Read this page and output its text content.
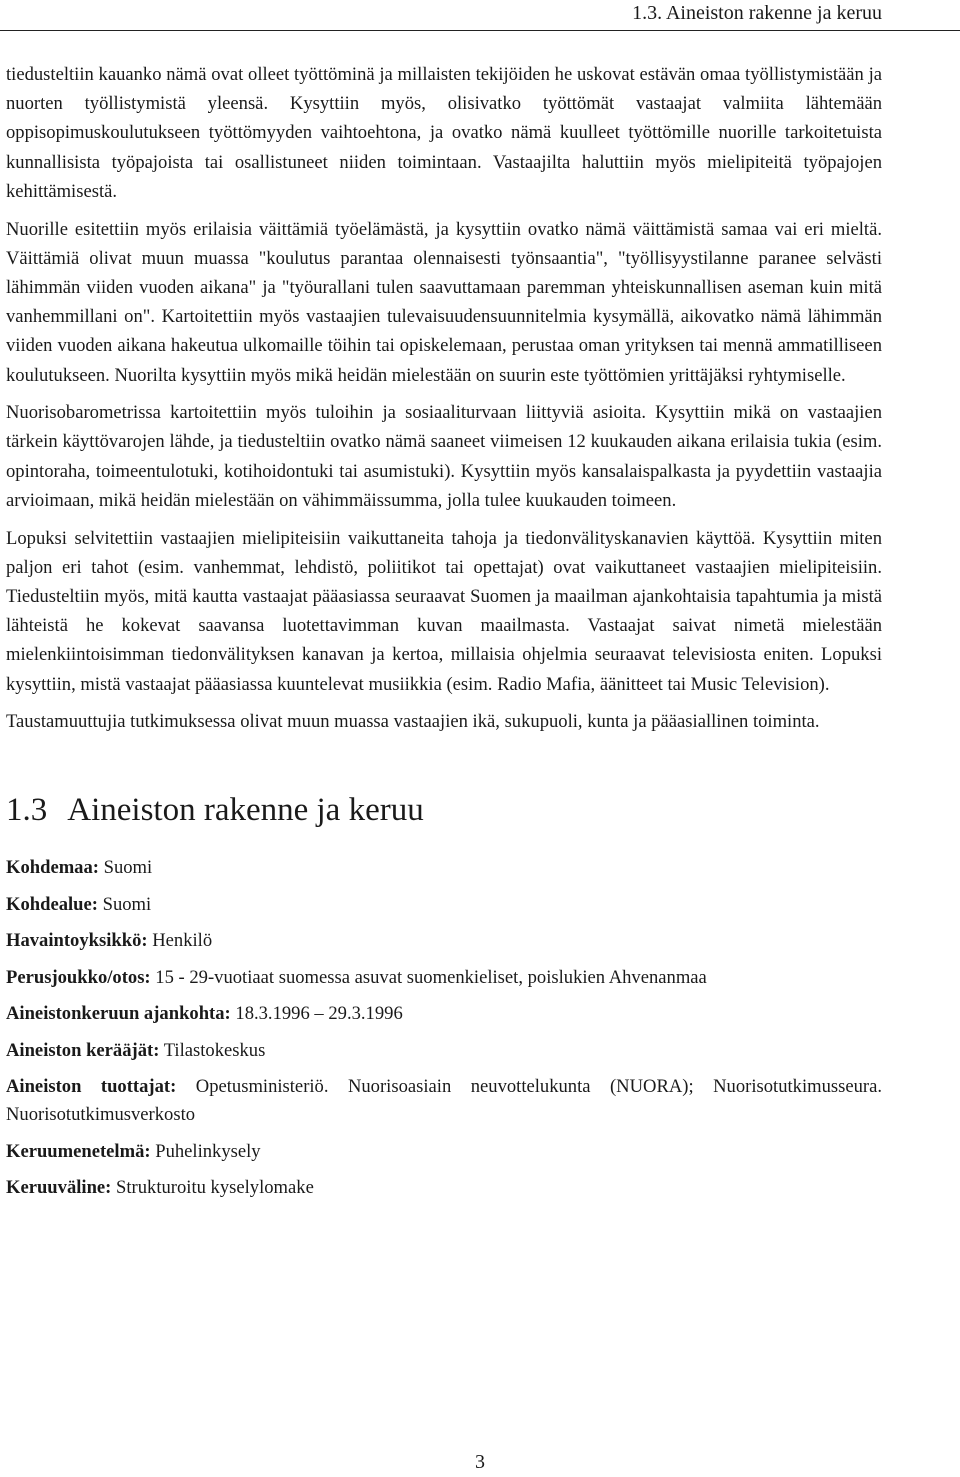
1.3. Aineiston rakenne ja keruu

tiedusteltiin kauanko nämä ovat olleet työttöminä ja millaisten tekijöiden he uskovat estävän omaa työllistymistään ja nuorten työllistymistä yleensä. Kysyttiin myös, olisivatko työttömät vastaajat valmiita lähtemään oppisopimuskoulutukseen työttömyyden vaihtoehtona, ja ovatko nämä kuulleet työttömille nuorille tarkoitetuista kunnallisista työpajoista tai osallistuneet niiden toimintaan. Vastaajilta haluttiin myös mielipiteitä työpajojen kehittämisestä.

Nuorille esitettiin myös erilaisia väittämiä työelämästä, ja kysyttiin ovatko nämä väittämistä samaa vai eri mieltä. Väittämiä olivat muun muassa "koulutus parantaa olennaisesti työnsaantia", "työllisyystilanne paranee selvästi lähimmän viiden vuoden aikana" ja "työurallani tulen saavuttamaan paremman yhteiskunnallisen aseman kuin mitä vanhemmillani on". Kartoitettiin myös vastaajien tulevaisuudensuunnitelmia kysymällä, aikovatko nämä lähimmän viiden vuoden aikana hakeutua ulkomaille töihin tai opiskelemaan, perustaa oman yrityksen tai mennä ammatilliseen koulutukseen. Nuorilta kysyttiin myös mikä heidän mielestään on suurin este työttömien yrittäjäksi ryhtymiselle.

Nuorisobarometrissa kartoitettiin myös tuloihin ja sosiaaliturvaan liittyviä asioita. Kysyttiin mikä on vastaajien tärkein käyttövarojen lähde, ja tiedusteltiin ovatko nämä saaneet viimeisen 12 kuukauden aikana erilaisia tukia (esim. opintoraha, toimeentulotuki, kotihoidontuki tai asumistuki). Kysyttiin myös kansalaispalkasta ja pyydettiin vastaajia arvioimaan, mikä heidän mielestään on vähimmäissumma, jolla tulee kuukauden toimeen.

Lopuksi selvitettiin vastaajien mielipiteisiin vaikuttaneita tahoja ja tiedonvälityskanavien käyttöä. Kysyttiin miten paljon eri tahot (esim. vanhemmat, lehdistö, poliitikot tai opettajat) ovat vaikuttaneet vastaajien mielipiteisiin. Tiedusteltiin myös, mitä kautta vastaajat pääasiassa seuraavat Suomen ja maailman ajankohtaisia tapahtumia ja mistä lähteistä he kokevat saavansa luotettavimman kuvan maailmasta. Vastaajat saivat nimetä mielestään mielenkiintoisimman tiedonvälityksen kanavan ja kertoa, millaisia ohjelmia seuraavat televisiosta eniten. Lopuksi kysyttiin, mistä vastaajat pääasiassa kuuntelevat musiikkia (esim. Radio Mafia, äänitteet tai Music Television).

Taustamuuttujia tutkimuksessa olivat muun muassa vastaajien ikä, sukupuoli, kunta ja pääasiallinen toiminta.

1.3 Aineiston rakenne ja keruu

Kohdemaa: Suomi

Kohdealue: Suomi

Havaintoyksikkö: Henkilö

Perusjoukko/otos: 15 - 29-vuotiaat suomessa asuvat suomenkieliset, poislukien Ahvenanmaa

Aineistonkeruun ajankohta: 18.3.1996 – 29.3.1996

Aineiston kerääjät: Tilastokeskus

Aineiston tuottajat: Opetusministeriö. Nuorisoasiain neuvottelukunta (NUORA); Nuorisotutkimusseura. Nuorisotutkimusverkosto

Keruumenetelmä: Puhelinkysely

Keruuväline: Strukturoitu kyselylomake

3
